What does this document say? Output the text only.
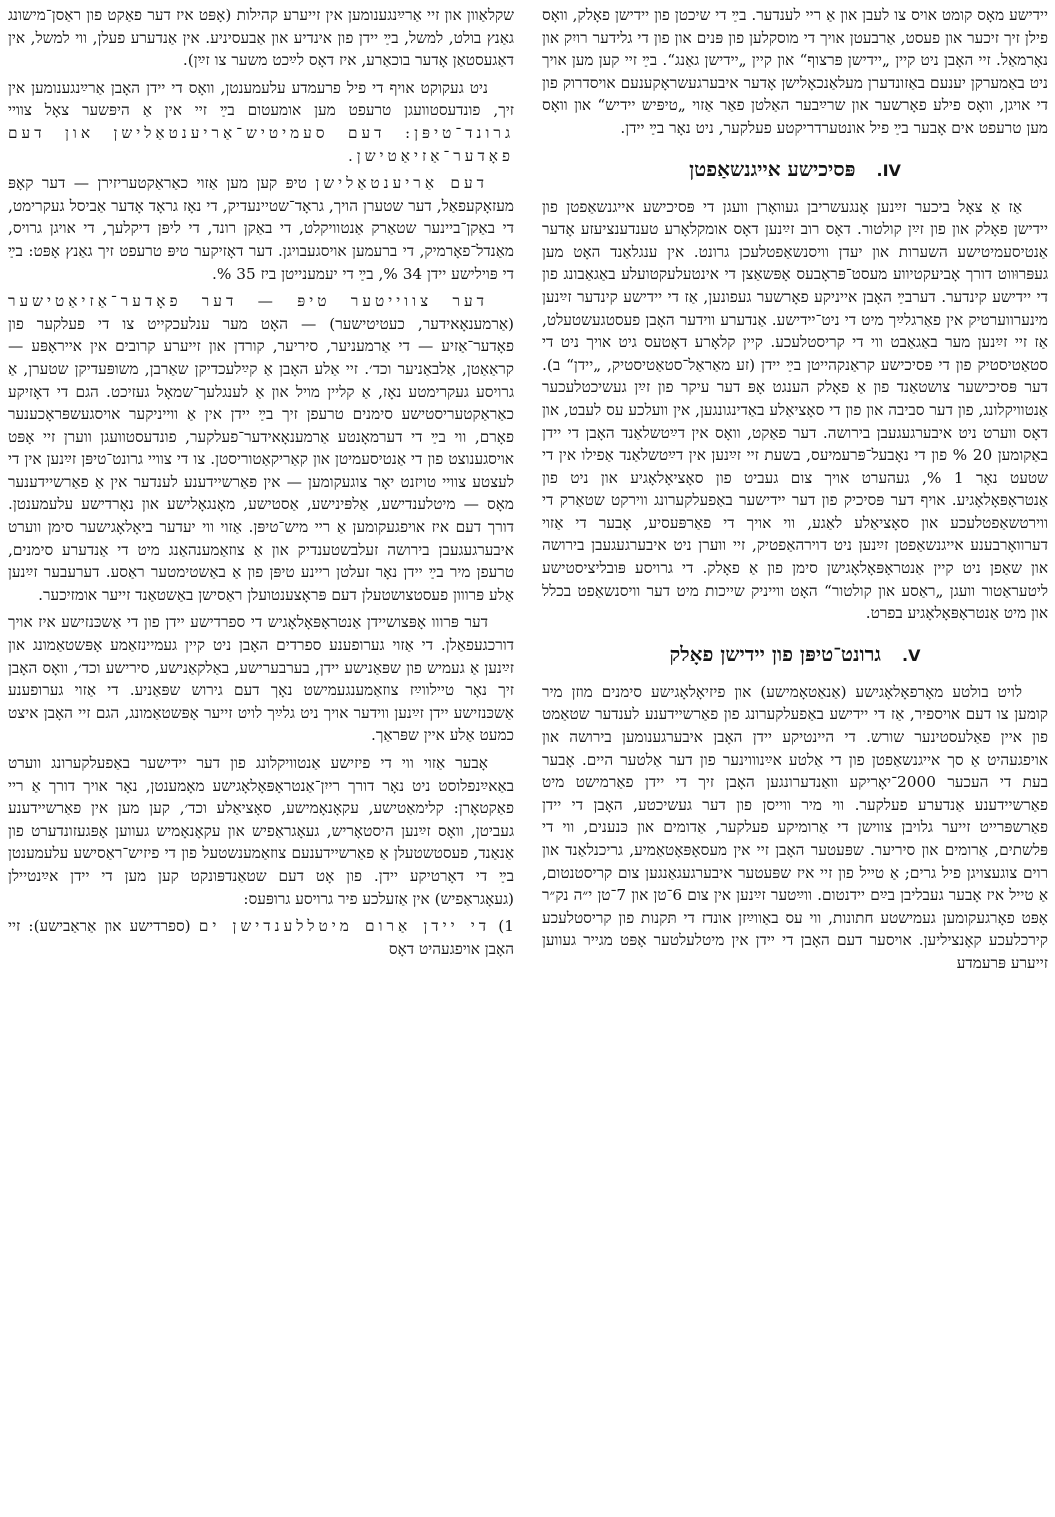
יידישע מאָס קומט אויס צו לעבן און אַ ריי לענדער. בײַ די שיכטן פון יידישן פאָלק, וואָס פילן זיך זיכער און פעסט, אַרבעטן אויך די מוסקלען פון פּנים און פון די גלידער רויִק און נאָרמאַל. זיי האָבן ניט קיין „יידישן פּרצוף“ און קיין „יידישן גאַנג“. בײַ זיי קען מען אויך ניט באַמערקן יענעם באַזונדערן מעלאַנכאָלישן אָדער איבערגעשראָקענעם אויסדרוק פון די אויגן, וואָס פילע פאָרשער און שרײַבער האַלטן פאַר אַזוי „טיפּיש יידיש“ און וואָס מען טרעפט אים אָבער בײַ פיל אונטערדריקטע פעלקער, ניט נאָר בײַ יידן.

IV. פּסיכישע אייגנשאַפטן

אַז אַ צאָל ביכער זײַנען אָנגעשריבן געוואָרן וועגן די פּסיכישע אייגנשאַפטן פון יידישן פאָלק און פון זײַן קולטור. דאָס רוב זײַנען דאָס אומקלאָרע טענדענציעזע אָדער אַנטיסעמיטישע השערות און יעדן וויסנשאַפטלעכן גרונט. אין ענגלאַנד האָט מען געפּרוּווט דורך אָביעקטיווע מעסט־פּראָבעס אָפּשאַצן די אינטעלעקטועלע באַגאַבונג פון די יידישע קינדער. דערבײַ האָבן אייניקע פאָרשער געפונען, אַז די יידישע קינדער זײַנען מינערווערטיק אין פאַרגלײַך מיט די ניט־יידישע. אַנדערע ווידער האָבן פעסטגעשטעלט, אַז זיי זײַנען מער באַגאַבט ווי די קריסטלעכע. קיין קלאָרע דאָטעס גיט אויך ניט די סטאַטיסטיק פון די פּסיכישע קראַנקהייטן בײַ יידן (זע מאַראַל־סטאַטיסטיק, „יידן“ ב). דער פּסיכישער צושטאַנד פון אַ פאָלק הענגט אָפּ דער עיקר פון זײַן געשיכטלעכער אַנטוויקלונג, פון דער סביבה און פון די סאָציאַלע באַדינגונגען, אין וועלכע עס לעבט, און דאָס ווערט ניט איבערגעגעבן בירושה. דער פאַקט, וואָס אין דײַטשלאַנד האָבן די יידן באַקומען 20 % פון די נאָבעל־פּרעמיעס, בשעת זיי זײַנען אין דײַטשלאַנד אַפילו אין די שטעט נאָר 1 %, געהערט אויך צום געביט פון סאָציאָלאָגיע און ניט פון אַנטראָפּאָלאָגיע. אויף דער פּסיכיק פון דער יידישער באַפעלקערונג ווירקט שטאַרק די ווירטשאַפטלעכע און סאָציאַלע לאַגע, ווי אויך די פאַרפּעסיע, אָבער די אַזוי דערוואָרבענע אייגנשאַפטן זײַנען ניט דוירהאַפטיק, זיי ווערן ניט איבערגעגעבן בירושה און שאַפן ניט קיין אַנטראָפּאָלאָגישן סימן פון אַ פאָלק. די גרויסע פּובליציסטישע ליטעראַטור וועגן „ראַסע און קולטור“ האָט ווייניק שייכות מיט דער וויסנשאַפט בכלל און מיט אַנטראָפּאָלאָגיע בפרט.

V. גרונט־טיפּן פון יידישן פאָלק

לויט בולטע מאָרפאָלאָגישע (אַנאַטאָמישע) און פיזיאָלאָגישע סימנים מוזן מיר קומען צו דעם אויספיר, אַז די יידישע באַפעלקערונג פון פאַרשיידענע לענדער שטאַמט פון איין פאַלעסטינער שורש. די היינטיקע יידן האָבן איבערגענומען בירושה און אויפגעהיט אַ סך אייגנשאַפטן פון די אַלטע אײַנוווינער פון דער אַלטער היים. אָבער בעת די העכער 2000־יאָריקע וואַנדערונגען האָבן זיך די יידן פאַרמישט מיט פאַרשיידענע אַנדערע פעלקער. ווי מיר ווייסן פון דער געשיכטע, האָבן די יידן פאַרשפּרייט זייער גלויבן צווישן די אַרומיקע פעלקער, אַדומים און כּנענים, ווי די פּלשתים, אַרומים און סיריער. שפּעטער האָבן זיי אין מעסאָפּאָטאַמיע, גריכנלאַנד און רוים צוגעצויגן פיל גרים; אַ טייל פון זיי איז שפּעטער איבערגעגאַנגען צום קריסטנטום, אַ טייל איז אָבער געבליבן בײַם יידנטום. ווײַטער זײַנען אין צום 6־טן און 7־טן י״ה נק״ר אָפּט פאָרגעקומען געמישטע חתונות, ווי עס באַווײַזן אונדז די תּקנות פון קריסטלעכע קירכלעכע קאָנציליען. אויסער דעם האָבן די יידן אין מיטלעלטער אָפּט מגייר געווען זייערע פּרעמדע

שקלאַוון און זיי אַרײַנגענומען אין זייערע קהילות (אָפּט איז דער פאַקט פון ראַסן־מישונג גאַנץ בולט, למשל, בײַ יידן פון אינדיע און אַבעסיניע. אין אַנדערע פעלן, ווי למשל, אין דאַגעסטאַן אָדער בוכאַרע, איז דאָס לײַכט משער צו זײַן).

ניט געקוקט אויף די פיל פרעמדע עלעמענטן, וואָס די יידן האָבן אַרײַנגענומען אין זיך, פונדעסטוועגן טרעפט מען אומעטום בײַ זיי אין אַ היפּשער צאָל צוויי גרונד־טיפּן: דעם סעמיטיש־אַריענטאַלישן און דעם פאָדער־אַזיאַטישן.

דעם אַריענטאַלישן טיפּ קען מען אַזוי כאַראַקטעריזירן — דער קאָפּ מעזאָקעפאַל, דער שטערן הויך, גראָד־שטיינעדיק, די נאָז גראָד אָדער אַביסל געקרימט, די באַקן־ביינער שטאַרק אַנטוויקלט, די באַקן רונד, די ליפּן דיקלעך, די אויגן גרויס, מאַנדל־פאָרמיק, די ברעמען אויסגעבויגן. דער דאָזיקער טיפּ טרעפט זיך גאַנץ אָפּט: בײַ די פּוילישע יידן 34 %, בײַ די יעמענייטן ביז 35 %.

דער צווייטער טיפּ — דער פאָדער־אַזיאַטישער (אַרמענאָאידער, כעטיטישער) — האָט מער ענלעכקייט צו די פעלקער פון פאָדער־אַזיע — די אַרמעניער, סיריער, קורדן און זייערע קרובים אין אייראָפּע — קראַאַטן, אַלבאַניער וכד׳. זיי אַלע האָבן אַ קײַלעכדיקן שאַרבן, משופּעדיקן שטערן, אַ גרויסע געקרימטע נאָז, אַ קליין מויל און אַ לענגלעך־שמאָל געזיכט. הגם די דאָזיקע כאַראַקטעריסטישע סימנים טרעפן זיך בײַ יידן אין אַ ווייניקער אויסגעשפּראָכענער פאָרם, ווי בײַ די דערמאָנטע אַרמענאָאידער־פעלקער, פונדעסטוועגן ווערן זיי אָפּט אויסגענוצט פון די אַנטיסעמיטן און קאַריקאַטוריסטן. צו די צוויי גרונט־טיפּן זײַנען אין די לעצטע צוויי טויזנט יאָר צוגעקומען — אין פאַרשיידענע לענדער אין אַ פאַרשיידענער מאָס — מיטלענדישע, אַלפּינישע, אַסטישע, מאָנגאָלישע און נאָרדישע עלעמענטן. דורך דעם איז אויפגעקומען אַ ריי מיש־טיפּן. אַזוי ווי יעדער ביאָלאָגישער סימן ווערט איבערגעגעבן בירושה זעלבשטענדיק און אַ צוזאַמענהאַנג מיט די אַנדערע סימנים, טרעפן מיר בײַ יידן נאָר זעלטן ריינע טיפּן פון אַ באַשטימטער ראַסע. דערעבער זײַנען אַלע פּרווון פעסטצושטעלן דעם פּראָצענטועלן ראַסישן באַשטאַנד זייער אומזיכער.

דער פּרווו אָפּצושיידן אַנטראָפּאָלאָגיש די ספרדישע יידן פון די אַשכּנזישע איז אויך דורכגעפאַלן. די אַזוי גערופענע ספרדים האָבן ניט קיין געמיינזאַמע אָפּשטאַמונג און זײַנען אַ געמיש פון שפּאַנישע יידן, בערבערישע, באַלקאַנישע, סירישע וכד׳, וואָס האָבן זיך נאָר טיילווײַז צוזאַמענגעמישט נאָך דעם גירוש שפּאַניע. די אַזוי גערופענע אַשכּנזישע יידן זײַנען ווידער אויך ניט גלײַך לויט זייער אָפּשטאַמונג, הגם זיי האָבן איצט כמעט אַלע איין שפּראַך.

אָבער אַזוי ווי די פיזישע אַנטוויקלונג פון דער יידישער באַפעלקערונג ווערט באַאײַנפלוסט ניט נאָר דורך רייִן־אַנטראָפּאָלאָגישע מאָמענטן, נאָר אויך דורך אַ ריי פאַקטאָרן: קלימאַטישע, עקאָנאָמישע, סאָציאַלע וכד׳, קען מען אין פאַרשיידענע געביטן, וואָס זײַנען היסטאָריש, געאָגראַפיש און עקאָנאָמיש געווען אָפּגעזונדערט פון אַנאַנד, פעסטשטעלן אַ פאַרשיידענעם צוזאַמענשטעל פון די פיזיש־ראַסישע עלעמענטן בײַ די דאָרטיקע יידן. פון אָט דעם שטאַנדפּונקט קען מען די יידן אײַנטיילן (געאָגראַפיש) אין אַזעלכע פיר גרויסע גרופּעס:

1) די יידן אַרום מיטללענדישן ים (ספרדישע און אַראַבישע): זיי האָבן אויפגעהיט דאָס
